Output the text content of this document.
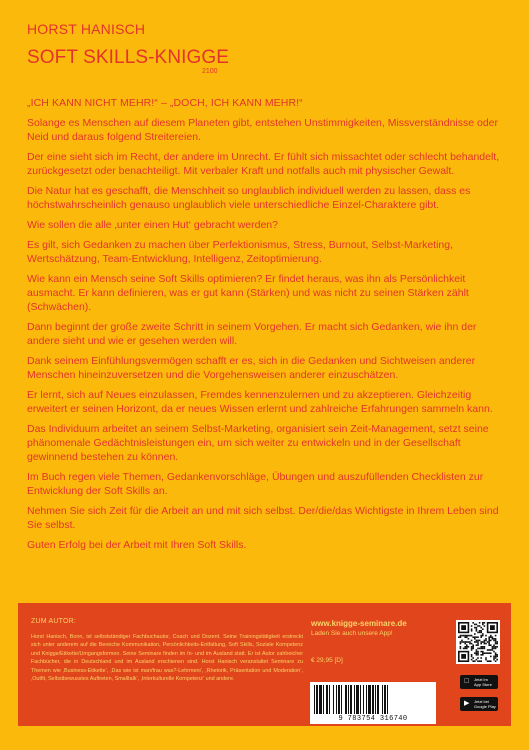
HORST HANISCH
SOFT SKILLS-KNIGGE
2100

„ICH KANN NICHT MEHR!“ – „DOCH, ICH KANN MEHR!“

Solange es Menschen auf diesem Planeten gibt, entstehen Unstimmigkeiten, Missverständnisse oder Neid und daraus folgend Streitereien.

Der eine sieht sich im Recht, der andere im Unrecht. Er fühlt sich missachtet oder schlecht behandelt, zurückgesetzt oder benachteiligt. Mit verbaler Kraft und notfalls auch mit physischer Gewalt.

Die Natur hat es geschafft, die Menschheit so unglaublich individuell werden zu lassen, dass es höchstwahrscheinlich genauso unglaublich viele unterschiedliche Einzel-Charaktere gibt.

Wie sollen die alle ‚unter einen Hut‘ gebracht werden?

Es gilt, sich Gedanken zu machen über Perfektionismus, Stress, Burnout, Selbst-Marketing, Wertschätzung, Team-Entwicklung, Intelligenz, Zeitoptimierung.

Wie kann ein Mensch seine Soft Skills optimieren? Er findet heraus, was ihn als Persönlichkeit ausmacht. Er kann definieren, was er gut kann (Stärken) und was nicht zu seinen Stärken zählt (Schwächen).

Dann beginnt der große zweite Schritt in seinem Vorgehen. Er macht sich Gedanken, wie ihn der andere sieht und wie er gesehen werden will.

Dank seinem Einfühlungsvermögen schafft er es, sich in die Gedanken und Sichtweisen anderer Menschen hineinzuversetzen und die Vorgehensweisen anderer einzuschätzen.

Er lernt, sich auf Neues einzulassen, Fremdes kennenzulernen und zu akzeptieren. Gleichzeitig erweitert er seinen Horizont, da er neues Wissen erlernt und zahlreiche Erfahrungen sammeln kann.

Das Individuum arbeitet an seinem Selbst-Marketing, organisiert sein Zeit-Management, setzt seine phänomenale Gedächtnisleistungen ein, um sich weiter zu entwickeln und in der Gesellschaft gewinnend bestehen zu können.

Im Buch regen viele Themen, Gedankenvorschläge, Übungen und auszufüllenden Checklisten zur Entwicklung der Soft Skills an.

Nehmen Sie sich Zeit für die Arbeit an und mit sich selbst. Der/die/das Wichtigste in Ihrem Leben sind Sie selbst.

Guten Erfolg bei der Arbeit mit Ihren Soft Skills.

ZUM AUTOR:
Horst Hanisch, Bonn, ist selbstständiger Fachbuchautor, Coach und Dozent. Seine Trainingstätigkeit erstreckt sich unter anderem auf die Bereiche Kommunikation, Persönlichkeits-Entfaltung, Soft Skills, Soziale Kompetenz und Knigge/Etikette/Umgangsformen. Seine Seminare finden im In- und im Ausland statt. Er ist Autor zahlreicher Fachbücher, die in Deutschland und im Ausland erschienen sind. Horst Hanisch veranstaltet Seminare zu Themen wie ‚Business-Etikette‘, ‚Das wie ist man/frau was?-Lehrmeni‘, ‚Rhetorik, Präsentation und Moderation‘, ‚Outfit, Selbstbewusstes Auftreten, Smalltalk‘, ‚Interkulturelle Kompetenz‘ und andere.
www.knigge-seminare.de
Laden Sie auch unsere App!
€ 29,95 [D]
9 783754 316740
Jetzt im
App Store
▶ Jetzt bei
Google Play
